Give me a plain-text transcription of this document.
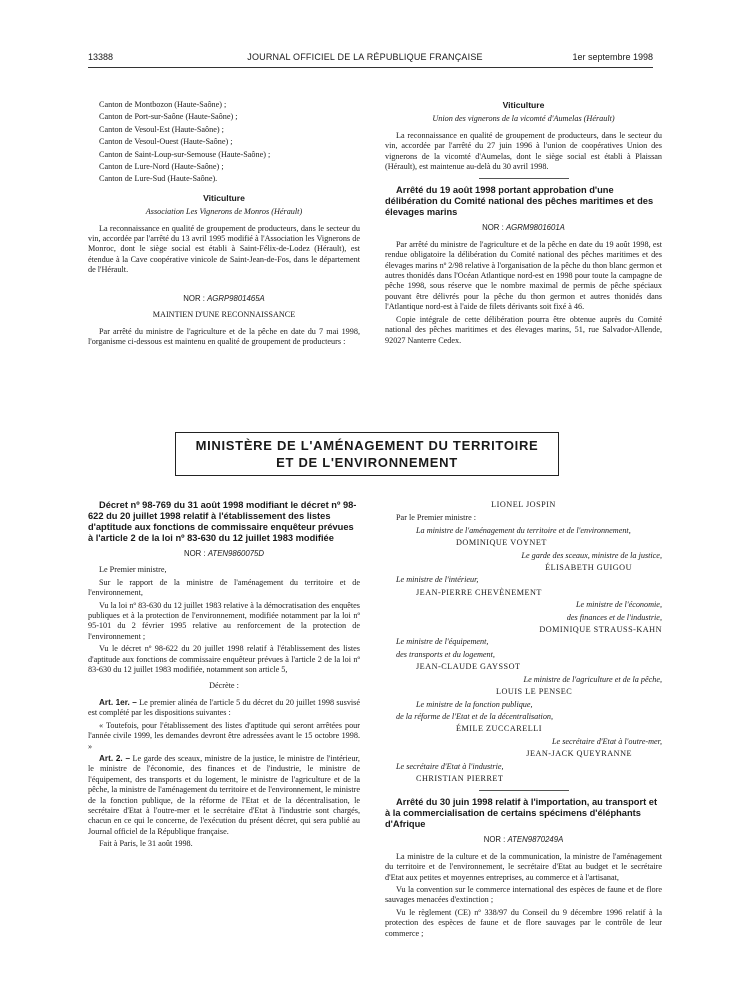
13388	JOURNAL OFFICIEL DE LA RÉPUBLIQUE FRANÇAISE	1er septembre 1998

Canton de Montbozon (Haute-Saône) ;

Canton de Port-sur-Saône (Haute-Saône) ;

Canton de Vesoul-Est (Haute-Saône) ;

Canton de Vesoul-Ouest (Haute-Saône) ;

Canton de Saint-Loup-sur-Semouse (Haute-Saône) ;

Canton de Lure-Nord (Haute-Saône) ;

Canton de Lure-Sud (Haute-Saône).

Viticulture

Association Les Vignerons de Monros (Hérault)

La reconnaissance en qualité de groupement de producteurs, dans le secteur du vin, accordée par l'arrêté du 13 avril 1995 modifié à l'Association les Vignerons de Monroc, dont le siège social est établi à Saint-Félix-de-Lodez (Hérault), est étendue à la Cave coopérative vinicole de Saint-Jean-de-Fos, dans le département de l'Hérault.

NOR : AGRP9801465A

MAINTIEN D'UNE RECONNAISSANCE

Par arrêté du ministre de l'agriculture et de la pêche en date du 7 mai 1998, l'organisme ci-dessous est maintenu en qualité de groupement de producteurs :

Viticulture

Union des vignerons de la vicomté d'Aumelas (Hérault)

La reconnaissance en qualité de groupement de producteurs, dans le secteur du vin, accordée par l'arrêté du 27 juin 1996 à l'union de coopératives Union des vignerons de la vicomté d'Aumelas, dont le siège social est établi à Plaissan (Hérault), est maintenue au-delà du 30 avril 1998.

Arrêté du 19 août 1998 portant approbation d'une délibération du Comité national des pêches maritimes et des élevages marins

NOR : AGRM9801601A

Par arrêté du ministre de l'agriculture et de la pêche en date du 19 août 1998, est rendue obligatoire la délibération du Comité national des pêches maritimes et des élevages marins nº 2/98 relative à l'organisation de la pêche du thon blanc germon et autres thonidés dans l'Océan Atlantique nord-est en 1998 pour toute la campagne de pêche 1998, sous réserve que le nombre maximal de permis de pêche spéciaux pouvant être délivrés pour la pêche du thon germon et autres thonidés dans l'Atlantique nord-est à l'aide de filets dérivants soit fixé à 46.

Copie intégrale de cette délibération pourra être obtenue auprès du Comité national des pêches maritimes et des élevages marins, 51, rue Salvador-Allende, 92027 Nanterre Cedex.

MINISTÈRE DE L'AMÉNAGEMENT DU TERRITOIRE
ET DE L'ENVIRONNEMENT

Décret nº 98-769 du 31 août 1998 modifiant le décret nº 98-622 du 20 juillet 1998 relatif à l'établissement des listes d'aptitude aux fonctions de commissaire enquêteur prévues à l'article 2 de la loi nº 83-630 du 12 juillet 1983 modifiée

NOR : ATEN9860075D

Le Premier ministre,

Sur le rapport de la ministre de l'aménagement du territoire et de l'environnement,

Vu la loi nº 83-630 du 12 juillet 1983 relative à la démocratisation des enquêtes publiques et à la protection de l'environnement, modifiée notamment par la loi nº 95-101 du 2 février 1995 relative au renforcement de la protection de l'environnement ;

Vu le décret nº 98-622 du 20 juillet 1998 relatif à l'établissement des listes d'aptitude aux fonctions de commissaire enquêteur prévues à l'article 2 de la loi nº 83-630 du 12 juillet 1983 modifiée, notamment son article 5,

Décrète :

Art. 1er. – Le premier alinéa de l'article 5 du décret du 20 juillet 1998 susvisé est complété par les dispositions suivantes :

« Toutefois, pour l'établissement des listes d'aptitude qui seront arrêtées pour l'année civile 1999, les demandes devront être adressées avant le 15 octobre 1998. »

Art. 2. – Le garde des sceaux, ministre de la justice, le ministre de l'intérieur, le ministre de l'économie, des finances et de l'industrie, le ministre de l'équipement, des transports et du logement, le ministre de l'agriculture et de la pêche, la ministre de l'aménagement du territoire et de l'environnement, le ministre de la fonction publique, de la réforme de l'Etat et de la décentralisation, le secrétaire d'Etat à l'outre-mer et le secrétaire d'Etat à l'industrie sont chargés, chacun en ce qui le concerne, de l'exécution du présent décret, qui sera publié au Journal officiel de la République française.

Fait à Paris, le 31 août 1998.

LIONEL JOSPIN

Par le Premier ministre :

La ministre de l'aménagement du territoire et de l'environnement,

DOMINIQUE VOYNET

Le garde des sceaux, ministre de la justice,

ÉLISABETH GUIGOU

Le ministre de l'intérieur,

JEAN-PIERRE CHEVÈNEMENT

Le ministre de l'économie,

des finances et de l'industrie,

DOMINIQUE STRAUSS-KAHN

Le ministre de l'équipement,

des transports et du logement,

JEAN-CLAUDE GAYSSOT

Le ministre de l'agriculture et de la pêche,

LOUIS LE PENSEC

Le ministre de la fonction publique,

de la réforme de l'Etat et de la décentralisation,

ÉMILE ZUCCARELLI

Le secrétaire d'Etat à l'outre-mer,

JEAN-JACK QUEYRANNE

Le secrétaire d'Etat à l'industrie,

CHRISTIAN PIERRET

Arrêté du 30 juin 1998 relatif à l'importation, au transport et à la commercialisation de certains spécimens d'éléphants d'Afrique

NOR : ATEN9870249A

La ministre de la culture et de la communication, la ministre de l'aménagement du territoire et de l'environnement, le secrétaire d'Etat au budget et le secrétaire d'Etat aux petites et moyennes entreprises, au commerce et à l'artisanat,

Vu la convention sur le commerce international des espèces de faune et de flore sauvages menacées d'extinction ;

Vu le règlement (CE) nº 338/97 du Conseil du 9 décembre 1996 relatif à la protection des espèces de faune et de flore sauvages par le contrôle de leur commerce ;
